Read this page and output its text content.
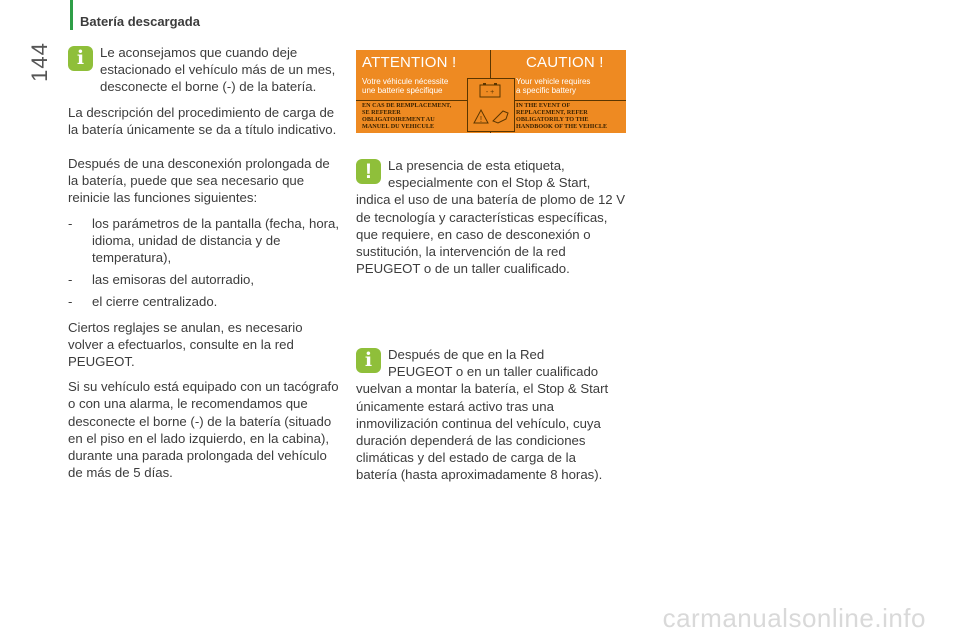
144
Batería descargada
i	Le aconsejamos que cuando deje
estacionado el vehículo más de un mes,
desconecte el borne (-) de la batería.

La descripción del procedimiento de carga de la batería únicamente se da a título indicativo.

Después de una desconexión prolongada de la batería, puede que sea necesario que reinicie las funciones siguientes:

- los parámetros de la pantalla (fecha, hora, idioma, unidad de distancia y de temperatura),
- las emisoras del autorradio,
- el cierre centralizado.

Ciertos reglajes se anulan, es necesario volver a efectuarlos, consulte en la red PEUGEOT.

Si su vehículo está equipado con un tacógrafo o con una alarma, le recomendamos que desconecte el borne (-) de la batería (situado en el piso en el lado izquierdo, en la cabina), durante una parada prolongada del vehículo de más de 5 días.

ATTENTION !
Votre véhicule nécessite
une batterie spécifique
EN CAS DE REMPLACEMENT,
SE REFERER
OBLIGATOIREMENT AU
MANUEL DU VEHICULE
CAUTION !
Your vehicle requires
a specific battery
IN THE EVENT OF
REPLACEMENT, REFER
OBLIGATORILY TO THE
HANDBOOK OF THE VEHICLE
- +
!
!	La presencia de esta etiqueta,
especialmente con el Stop & Start,
indica el uso de una batería de plomo de 12 V de tecnología y características específicas, que requiere, en caso de desconexión o sustitución, la intervención de la red PEUGEOT o de un taller cualificado.
i	Después de que en la Red
PEUGEOT o en un taller cualificado
vuelvan a montar la batería, el Stop & Start únicamente estará activo tras una inmovilización continua del vehículo, cuya duración dependerá de las condiciones climáticas y del estado de carga de la batería (hasta aproximadamente 8 horas).
carmanualsonline.info
